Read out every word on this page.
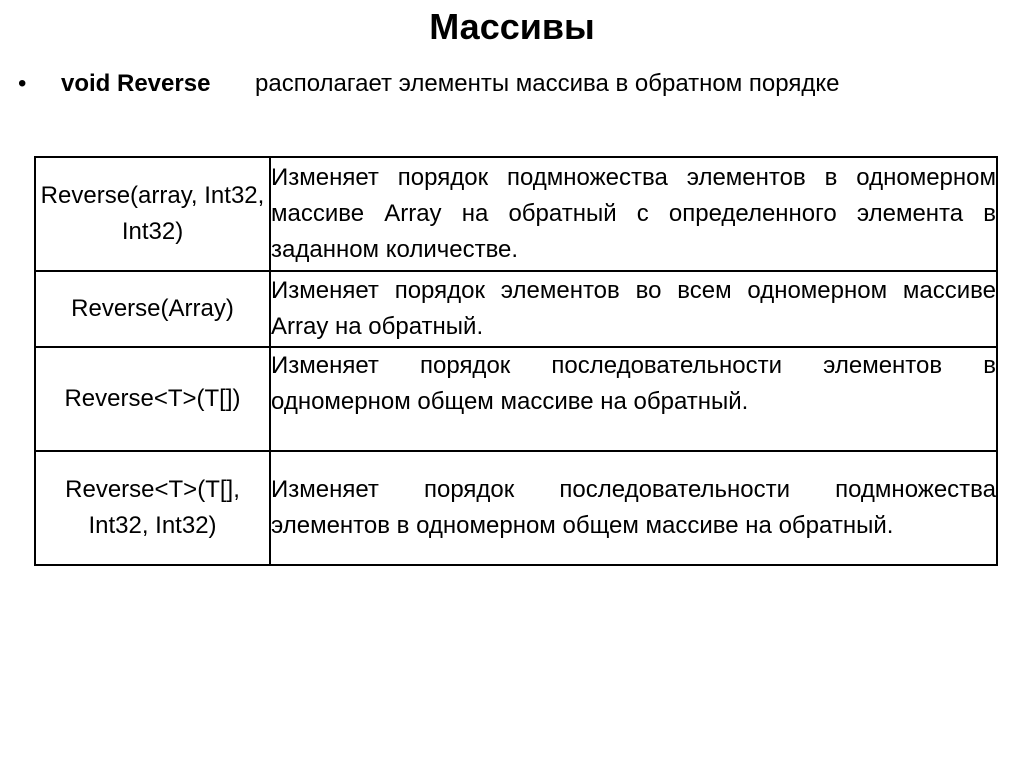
Массивы
• void Reverse располагает элементы массива в обратном порядке
Reverse(array, Int32, Int32)	Изменяет порядок подмножества элементов в одномерном массиве Array на обратный с определенного элемента в заданном количестве.
Reverse(Array)	Изменяет порядок элементов во всем одномерном массиве Array на обратный.
Reverse<T>(T[])	Изменяет порядок последовательности элементов в одномерном общем массиве на обратный.
Reverse<T>(T[], Int32, Int32)	Изменяет порядок последовательности подмножества элементов в одномерном общем массиве на обратный.
